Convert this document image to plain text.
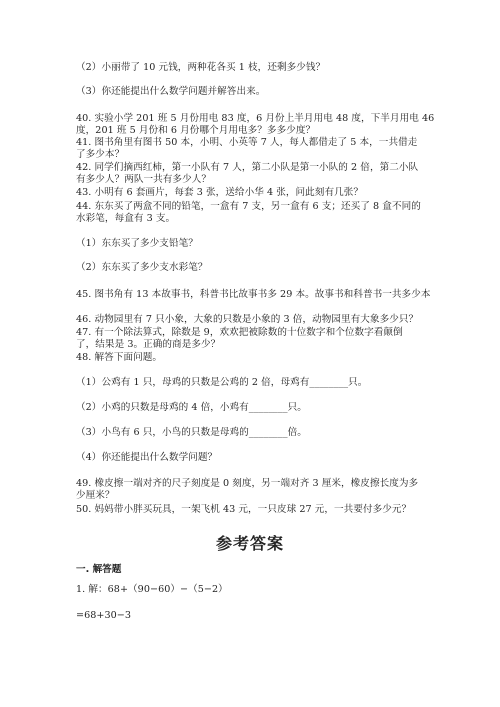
（2）小丽带了 10 元钱，两种花各买 1 枝，还剩多少钱？
（3）你还能提出什么数学问题并解答出来。
40. 实验小学 201 班 5 月份用电 83 度，6 月份上半月用电 48 度，下半月用电 46
度，201 班 5 月份和 6 月份哪个月用电多？多多少度？
41. 图书角里有图书 50 本，小明、小英等 7 人，每人都借走了 5 本，一共借走
了多少本？
42. 同学们摘西红柿，第一小队有 7 人，第二小队是第一小队的 2 倍，第二小队
有多少人？两队一共有多少人？
43. 小明有 6 套画片，每套 3 张，送给小华 4 张，问此刻有几张？
44. 东东买了两盒不同的铅笔，一盒有 7 支，另一盒有 6 支；还买了 8 盒不同的
水彩笔，每盒有 3 支。
（1）东东买了多少支铅笔？
（2）东东买了多少支水彩笔？
45. 图书角有 13 本故事书，科普书比故事书多 29 本。故事书和科普书一共多少本
46. 动物园里有 7 只小象，大象的只数是小象的 3 倍，动物园里有大象多少只？
47. 有一个除法算式，除数是 9，欢欢把被除数的十位数字和个位数字看颠倒
了，结果是 3。正确的商是多少？
48. 解答下面问题。
（1）公鸡有 1 只，母鸡的只数是公鸡的 2 倍，母鸡有________只。
（2）小鸡的只数是母鸡的 4 倍，小鸡有________只。
（3）小鸟有 6 只，小鸟的只数是母鸡的________倍。
（4）你还能提出什么数学问题？
49. 橡皮擦一端对齐的尺子刻度是 0 刻度，另一端对齐 3 厘米，橡皮擦长度为多
少厘米？
50. 妈妈带小胖买玩具，一架飞机 43 元，一只皮球 27 元，一共要付多少元？
参考答案
一. 解答题
1. 解：68+（90−60）−（5−2）
=68+30−3
